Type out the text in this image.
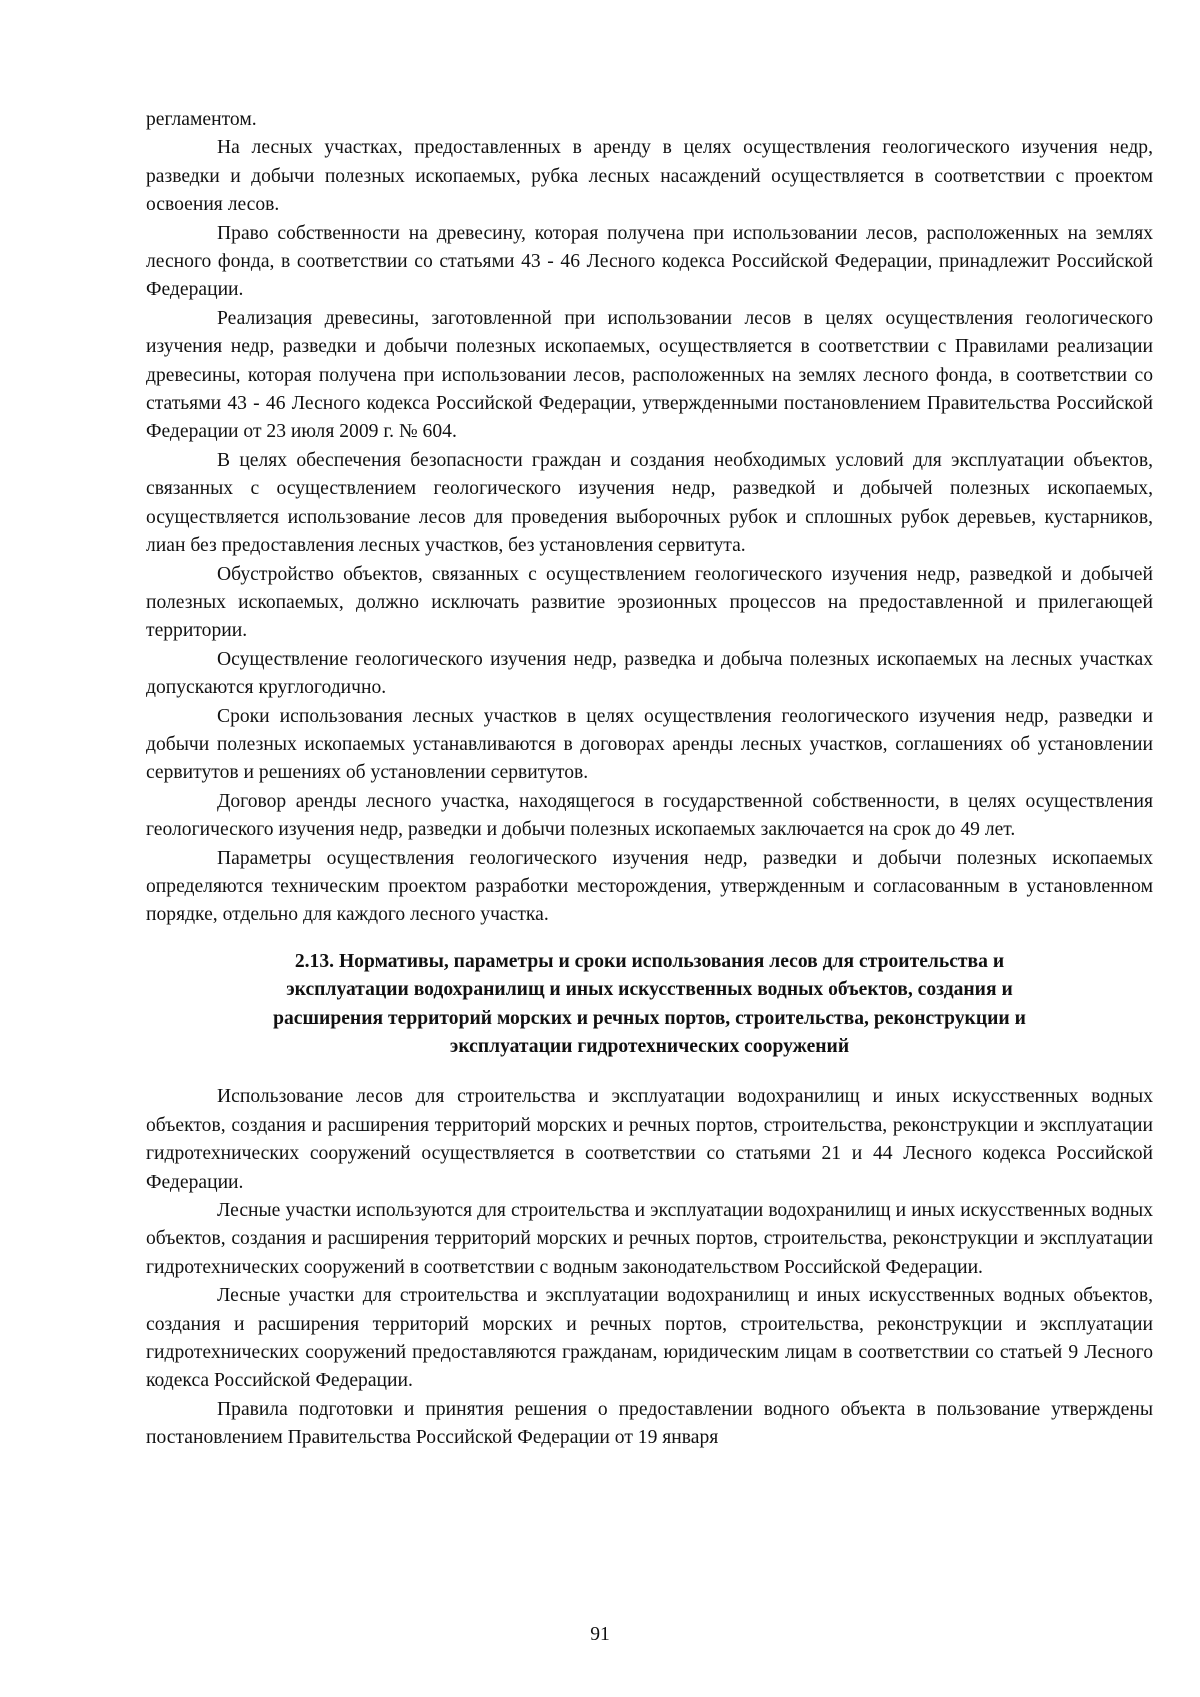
регламентом.

На лесных участках, предоставленных в аренду в целях осуществления геологического изучения недр, разведки и добычи полезных ископаемых, рубка лесных насаждений осуществляется в соответствии с проектом освоения лесов.

Право собственности на древесину, которая получена при использовании лесов, расположенных на землях лесного фонда, в соответствии со статьями 43 - 46 Лесного кодекса Российской Федерации, принадлежит Российской Федерации.

Реализация древесины, заготовленной при использовании лесов в целях осуществления геологического изучения недр, разведки и добычи полезных ископаемых, осуществляется в соответствии с Правилами реализации древесины, которая получена при использовании лесов, расположенных на землях лесного фонда, в соответствии со статьями 43 - 46 Лесного кодекса Российской Федерации, утвержденными постановлением Правительства Российской Федерации от 23 июля 2009 г. № 604.

В целях обеспечения безопасности граждан и создания необходимых условий для эксплуатации объектов, связанных с осуществлением геологического изучения недр, разведкой и добычей полезных ископаемых, осуществляется использование лесов для проведения выборочных рубок и сплошных рубок деревьев, кустарников, лиан без предоставления лесных участков, без установления сервитута.

Обустройство объектов, связанных с осуществлением геологического изучения недр, разведкой и добычей полезных ископаемых, должно исключать развитие эрозионных процессов на предоставленной и прилегающей территории.

Осуществление геологического изучения недр, разведка и добыча полезных ископаемых на лесных участках допускаются круглогодично.

Сроки использования лесных участков в целях осуществления геологического изучения недр, разведки и добычи полезных ископаемых устанавливаются в договорах аренды лесных участков, соглашениях об установлении сервитутов и решениях об установлении сервитутов.

Договор аренды лесного участка, находящегося в государственной собственности, в целях осуществления геологического изучения недр, разведки и добычи полезных ископаемых заключается на срок до 49 лет.

Параметры осуществления геологического изучения недр, разведки и добычи полезных ископаемых определяются техническим проектом разработки месторождения, утвержденным и согласованным в установленном порядке, отдельно для каждого лесного участка.

2.13. Нормативы, параметры и сроки использования лесов для строительства и
эксплуатации водохранилищ и иных искусственных водных объектов, создания и
расширения территорий морских и речных портов, строительства, реконструкции и
эксплуатации гидротехнических сооружений

Использование лесов для строительства и эксплуатации водохранилищ и иных искусственных водных объектов, создания и расширения территорий морских и речных портов, строительства, реконструкции и эксплуатации гидротехнических сооружений осуществляется в соответствии со статьями 21 и 44 Лесного кодекса Российской Федерации.

Лесные участки используются для строительства и эксплуатации водохранилищ и иных искусственных водных объектов, создания и расширения территорий морских и речных портов, строительства, реконструкции и эксплуатации гидротехнических сооружений в соответствии с водным законодательством Российской Федерации.

Лесные участки для строительства и эксплуатации водохранилищ и иных искусственных водных объектов, создания и расширения территорий морских и речных портов, строительства, реконструкции и эксплуатации гидротехнических сооружений предоставляются гражданам, юридическим лицам в соответствии со статьей 9 Лесного кодекса Российской Федерации.

Правила подготовки и принятия решения о предоставлении водного объекта в пользование утверждены постановлением Правительства Российской Федерации от 19 января

91
